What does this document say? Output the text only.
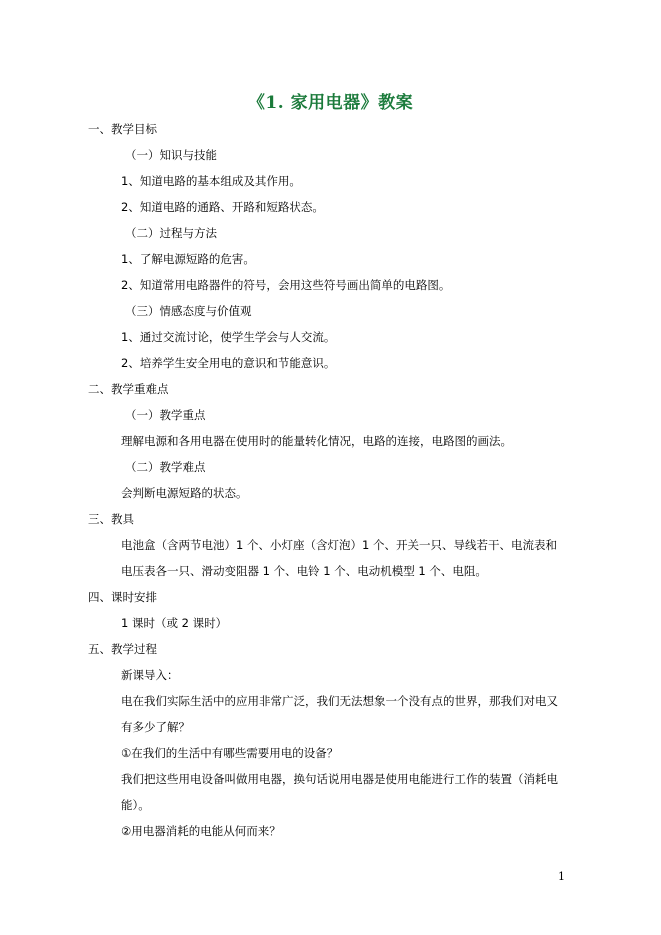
《1. 家用电器》教案
一、教学目标
（一）知识与技能
1、知道电路的基本组成及其作用。
2、知道电路的通路、开路和短路状态。
（二）过程与方法
1、了解电源短路的危害。
2、知道常用电路器件的符号，会用这些符号画出简单的电路图。
（三）情感态度与价值观
1、通过交流讨论，使学生学会与人交流。
2、培养学生安全用电的意识和节能意识。
二、教学重难点
（一）教学重点
理解电源和各用电器在使用时的能量转化情况，电路的连接，电路图的画法。
（二）教学难点
会判断电源短路的状态。
三、教具
电池盒（含两节电池）1 个、小灯座（含灯泡）1 个、开关一只、导线若干、电流表和电压表各一只、滑动变阻器 1 个、电铃 1 个、电动机模型 1 个、电阻。
四、课时安排
1 课时（或 2 课时）
五、教学过程
新课导入：
电在我们实际生活中的应用非常广泛，我们无法想象一个没有点的世界，那我们对电又有多少了解？
①在我们的生活中有哪些需要用电的设备？
我们把这些用电设备叫做用电器，换句话说用电器是使用电能进行工作的装置（消耗电能）。
②用电器消耗的电能从何而来？
1
